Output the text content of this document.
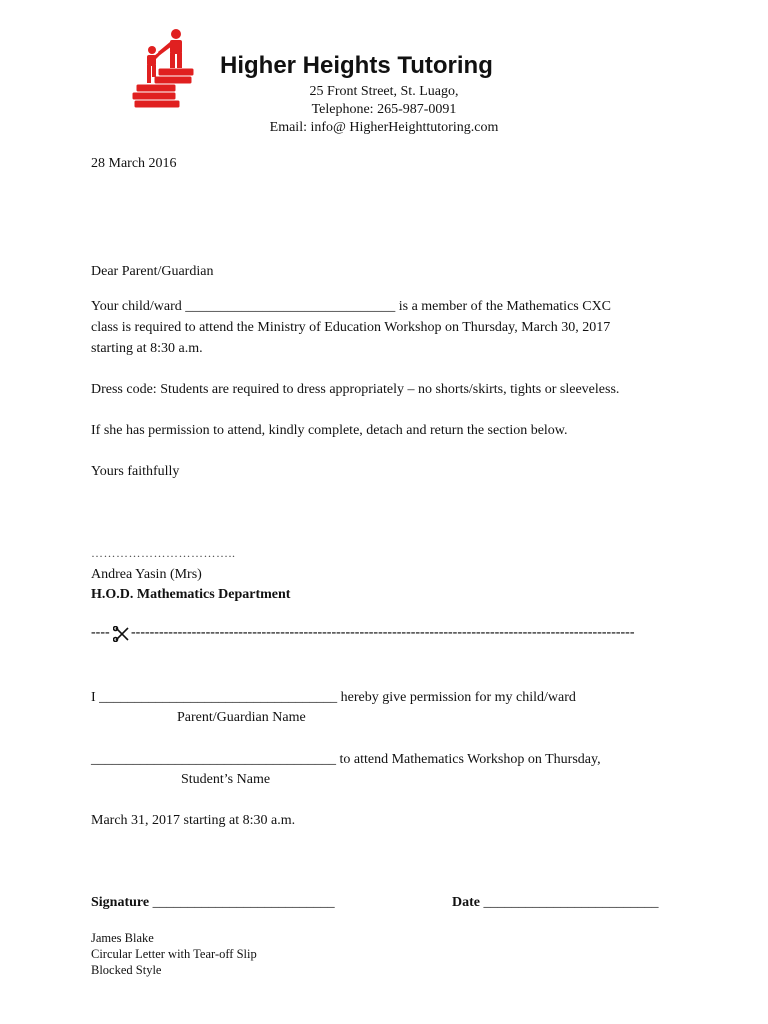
Higher Heights Tutoring
25 Front Street, St. Luago,
Telephone: 265-987-0091
Email: info@ HigherHeighttutoring.com
28 March 2016
Dear Parent/Guardian
Your child/ward ______________________________ is a member of the Mathematics CXC
class is required to attend the Ministry of Education Workshop on Thursday, March 30, 2017
starting at 8:30 a.m.
Dress code: Students are required to dress appropriately – no shorts/skirts, tights or sleeveless.
If she has permission to attend, kindly complete, detach and return the section below.
Yours faithfully
……………………………..
Andrea Yasin (Mrs)
H.O.D. Mathematics Department
---- ------------------------------------------------------------------------------------------------------------
I __________________________________ hereby give permission for my child/ward
Parent/Guardian Name
___________________________________ to attend Mathematics Workshop on Thursday,
Student’s Name
March 31, 2017 starting at 8:30 a.m.
Signature __________________________	Date _________________________
James Blake
Circular Letter with Tear-off Slip
Blocked Style
